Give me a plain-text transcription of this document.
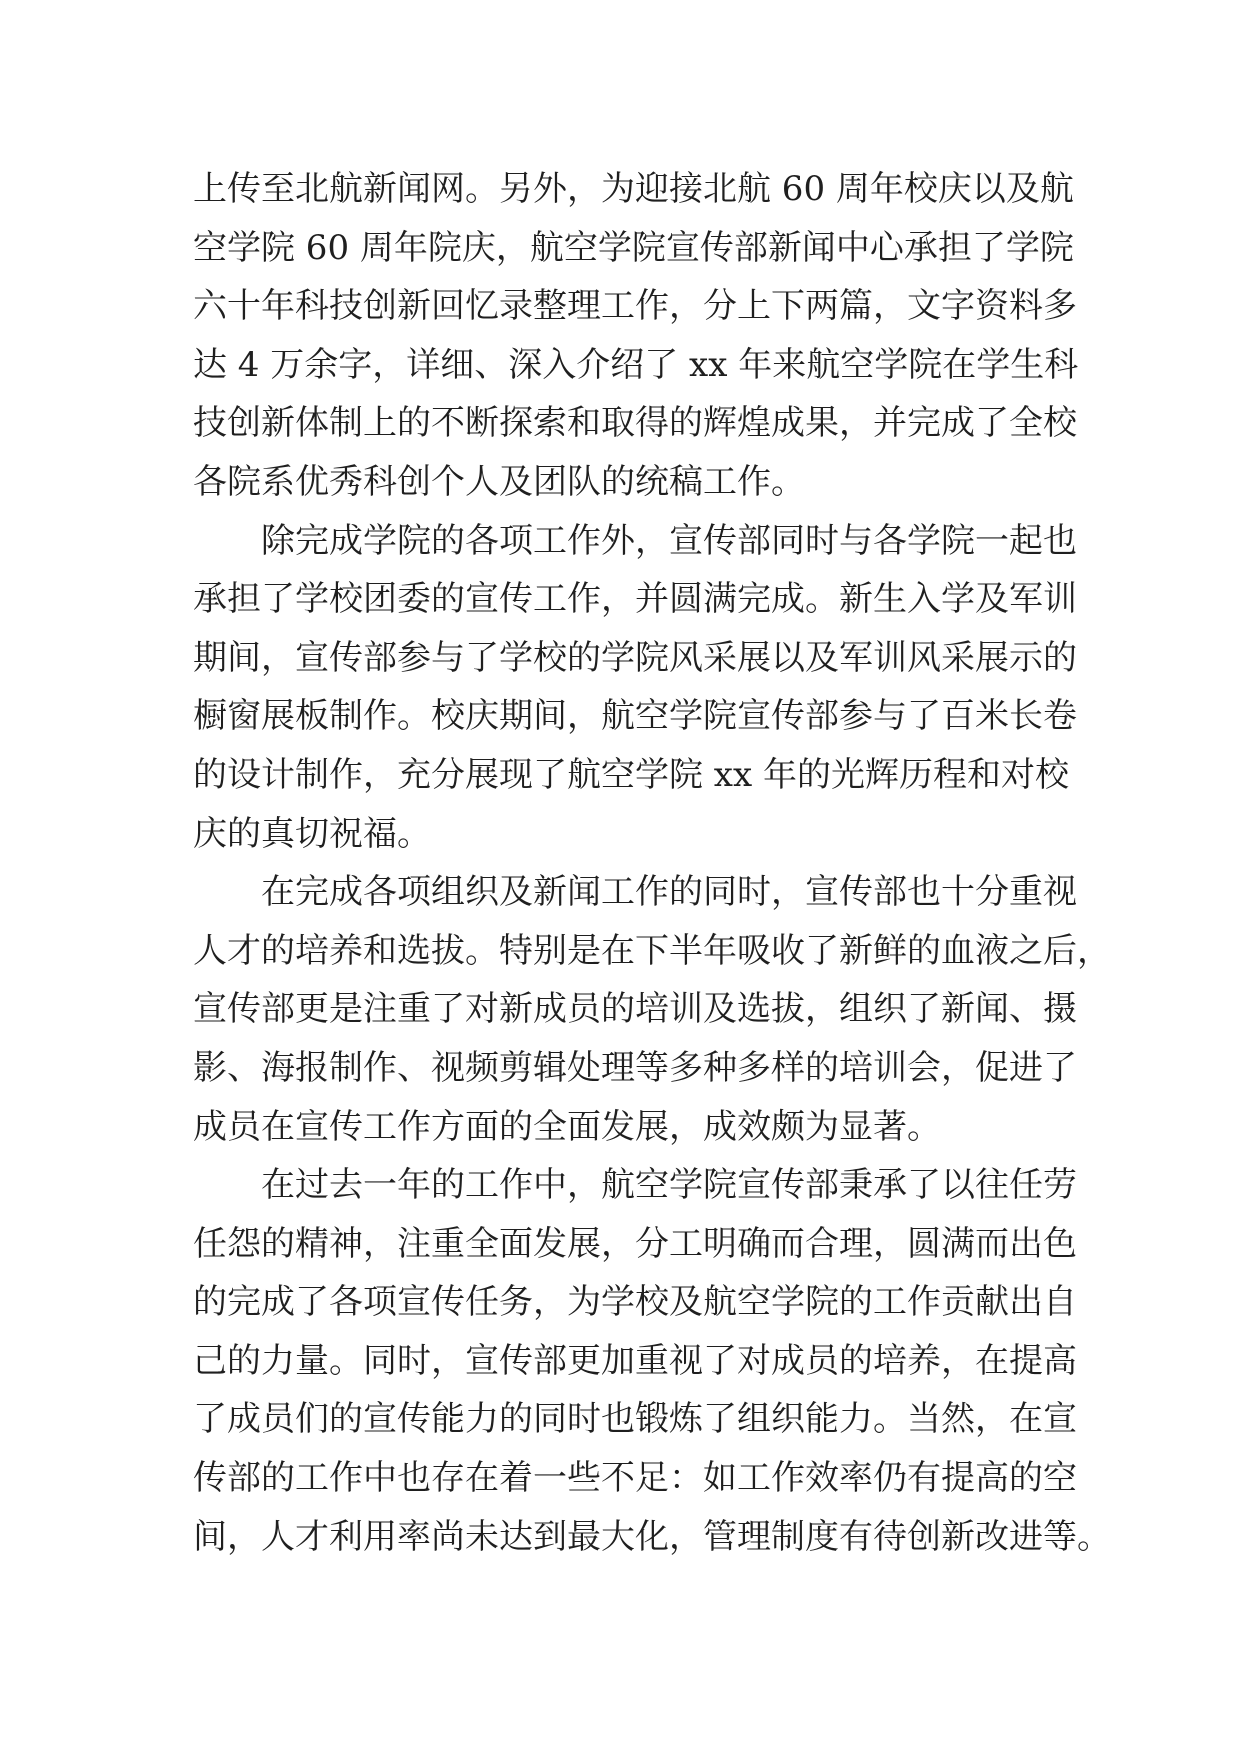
上传至北航新闻网。另外，为迎接北航 60 周年校庆以及航
空学院 60 周年院庆，航空学院宣传部新闻中心承担了学院
六十年科技创新回忆录整理工作，分上下两篇，文字资料多
达 4 万余字，详细、深入介绍了 xx 年来航空学院在学生科
技创新体制上的不断探索和取得的辉煌成果，并完成了全校
各院系优秀科创个人及团队的统稿工作。
除完成学院的各项工作外，宣传部同时与各学院一起也
承担了学校团委的宣传工作，并圆满完成。新生入学及军训
期间，宣传部参与了学校的学院风采展以及军训风采展示的
橱窗展板制作。校庆期间，航空学院宣传部参与了百米长卷
的设计制作，充分展现了航空学院 xx 年的光辉历程和对校
庆的真切祝福。
在完成各项组织及新闻工作的同时，宣传部也十分重视
人才的培养和选拔。特别是在下半年吸收了新鲜的血液之后，
宣传部更是注重了对新成员的培训及选拔，组织了新闻、摄
影、海报制作、视频剪辑处理等多种多样的培训会，促进了
成员在宣传工作方面的全面发展，成效颇为显著。
在过去一年的工作中，航空学院宣传部秉承了以往任劳
任怨的精神，注重全面发展，分工明确而合理，圆满而出色
的完成了各项宣传任务，为学校及航空学院的工作贡献出自
己的力量。同时，宣传部更加重视了对成员的培养，在提高
了成员们的宣传能力的同时也锻炼了组织能力。当然，在宣
传部的工作中也存在着一些不足：如工作效率仍有提高的空
间，人才利用率尚未达到最大化，管理制度有待创新改进等。
